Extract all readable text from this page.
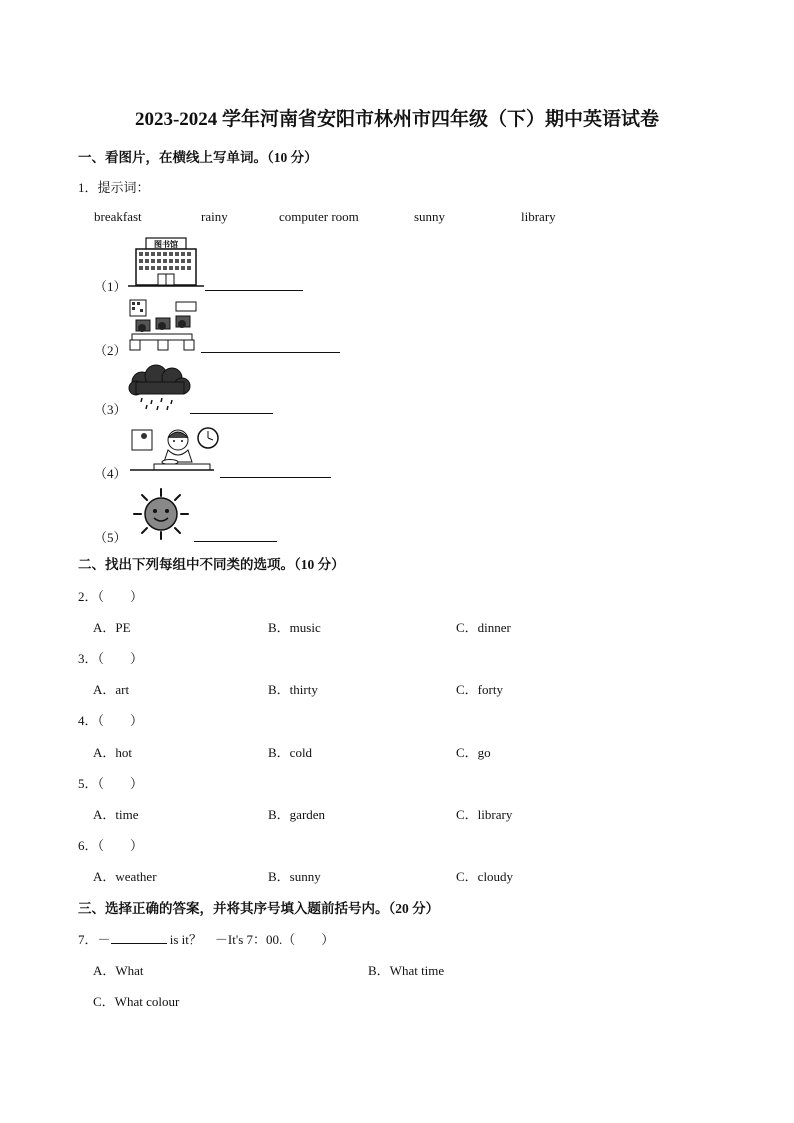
2023-2024 学年河南省安阳市林州市四年级（下）期中英语试卷
一、看图片，在横线上写单词。（10 分）
1．提示词：
breakfast	rainy	computer room	sunny	library
（1）
图书馆
（2）
（3）
（4）
（5）
二、找出下列每组中不同类的选项。（10 分）
2．（　　）
A．PE	B．music	C．dinner
3．（　　）
A．art	B．thirty	C．forty
4．（　　）
A．hot	B．cold	C．go
5．（　　）
A．time	B．garden	C．library
6．（　　）
A．weather	B．sunny	C．cloudy
三、选择正确的答案，并将其序号填入题前括号内。（20 分）
7．－	is it？　－It's 7：00.（　　）
A．What	B．What time
C．What colour
